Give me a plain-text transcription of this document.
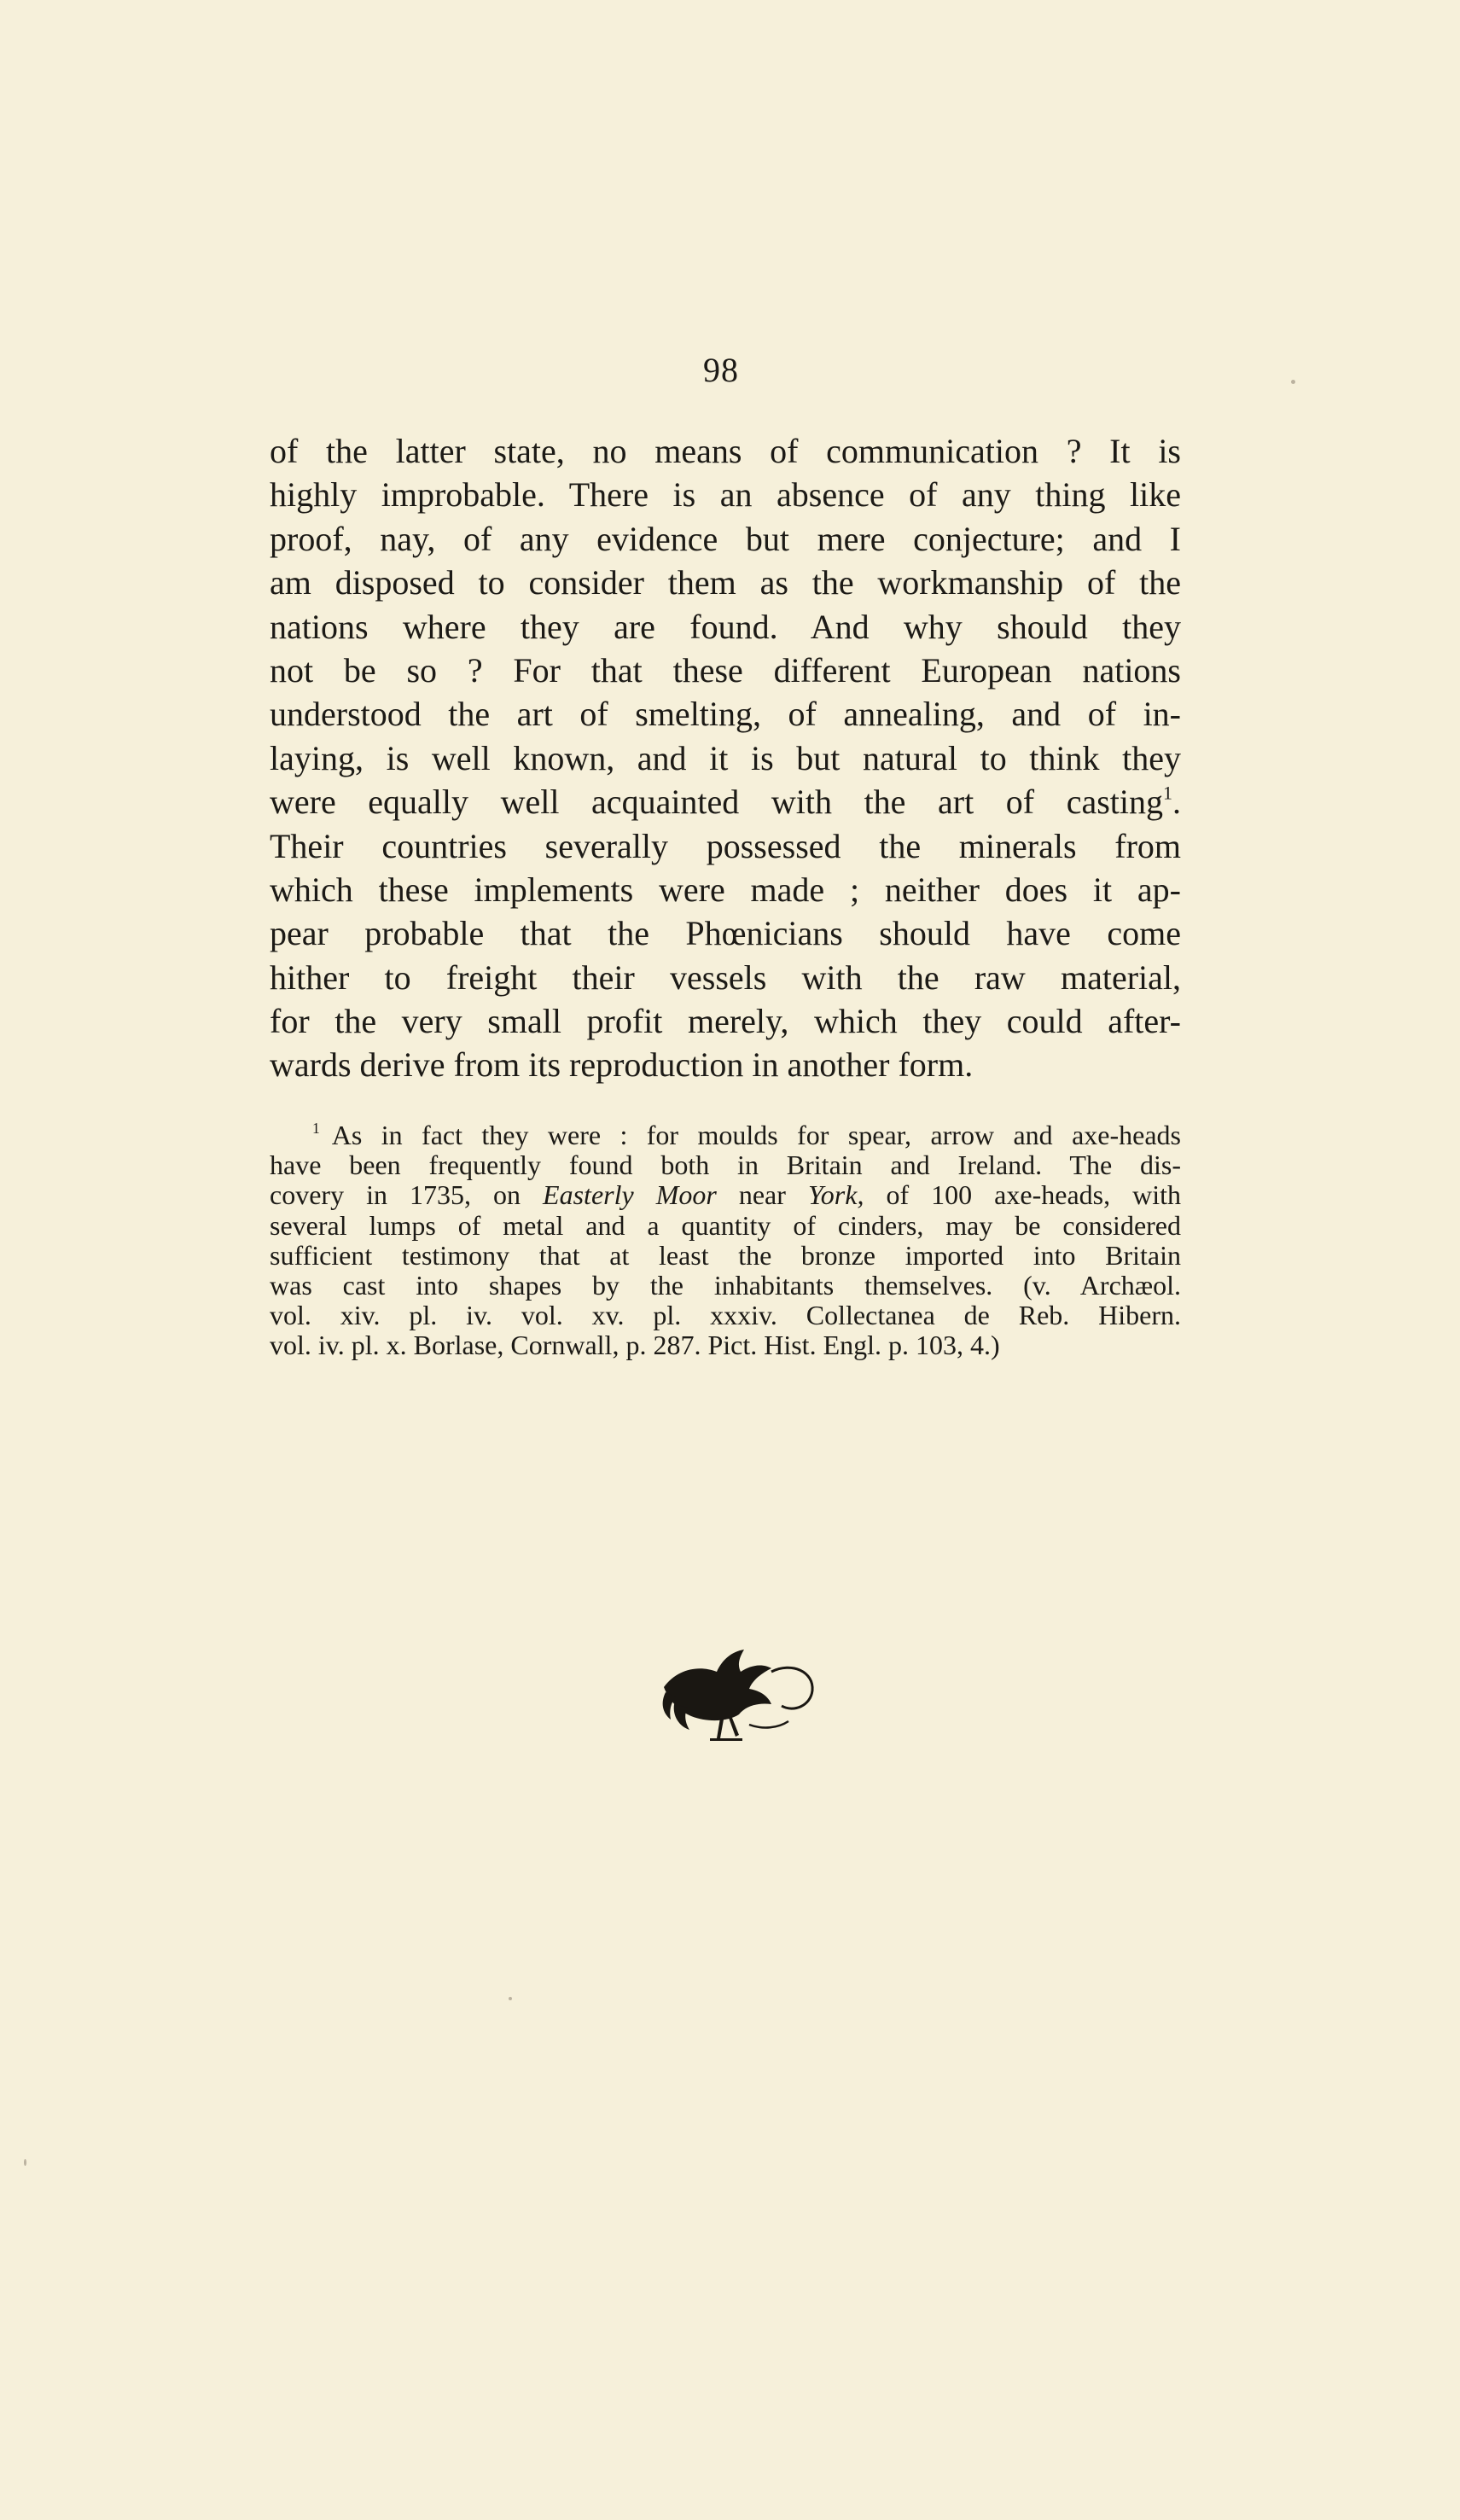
98
of the latter state, no means of communication ? It is
highly improbable. There is an absence of any thing like
proof, nay, of any evidence but mere conjecture; and I
am disposed to consider them as the workmanship of the
nations where they are found. And why should they
not be so ? For that these different European nations
understood the art of smelting, of annealing, and of in-
laying, is well known, and it is but natural to think they
were equally well acquainted with the art of casting$^1$.
Their countries severally possessed the minerals from
which these implements were made ; neither does it ap-
pear probable that the Phœnicians should have come
hither to freight their vessels with the raw material,
for the very small profit merely, which they could after-
wards derive from its reproduction in another form.
$^1$ As in fact they were : for moulds for spear, arrow and axe-heads
have been frequently found both in Britain and Ireland. The dis-
covery in 1735, on Easterly Moor near York, of 100 axe-heads, with
several lumps of metal and a quantity of cinders, may be considered
sufficient testimony that at least the bronze imported into Britain
was cast into shapes by the inhabitants themselves. (v. Archæol.
vol. xiv. pl. iv. vol. xv. pl. xxxiv. Collectanea de Reb. Hibern.
vol. iv. pl. x. Borlase, Cornwall, p. 287. Pict. Hist. Engl. p. 103, 4.)
